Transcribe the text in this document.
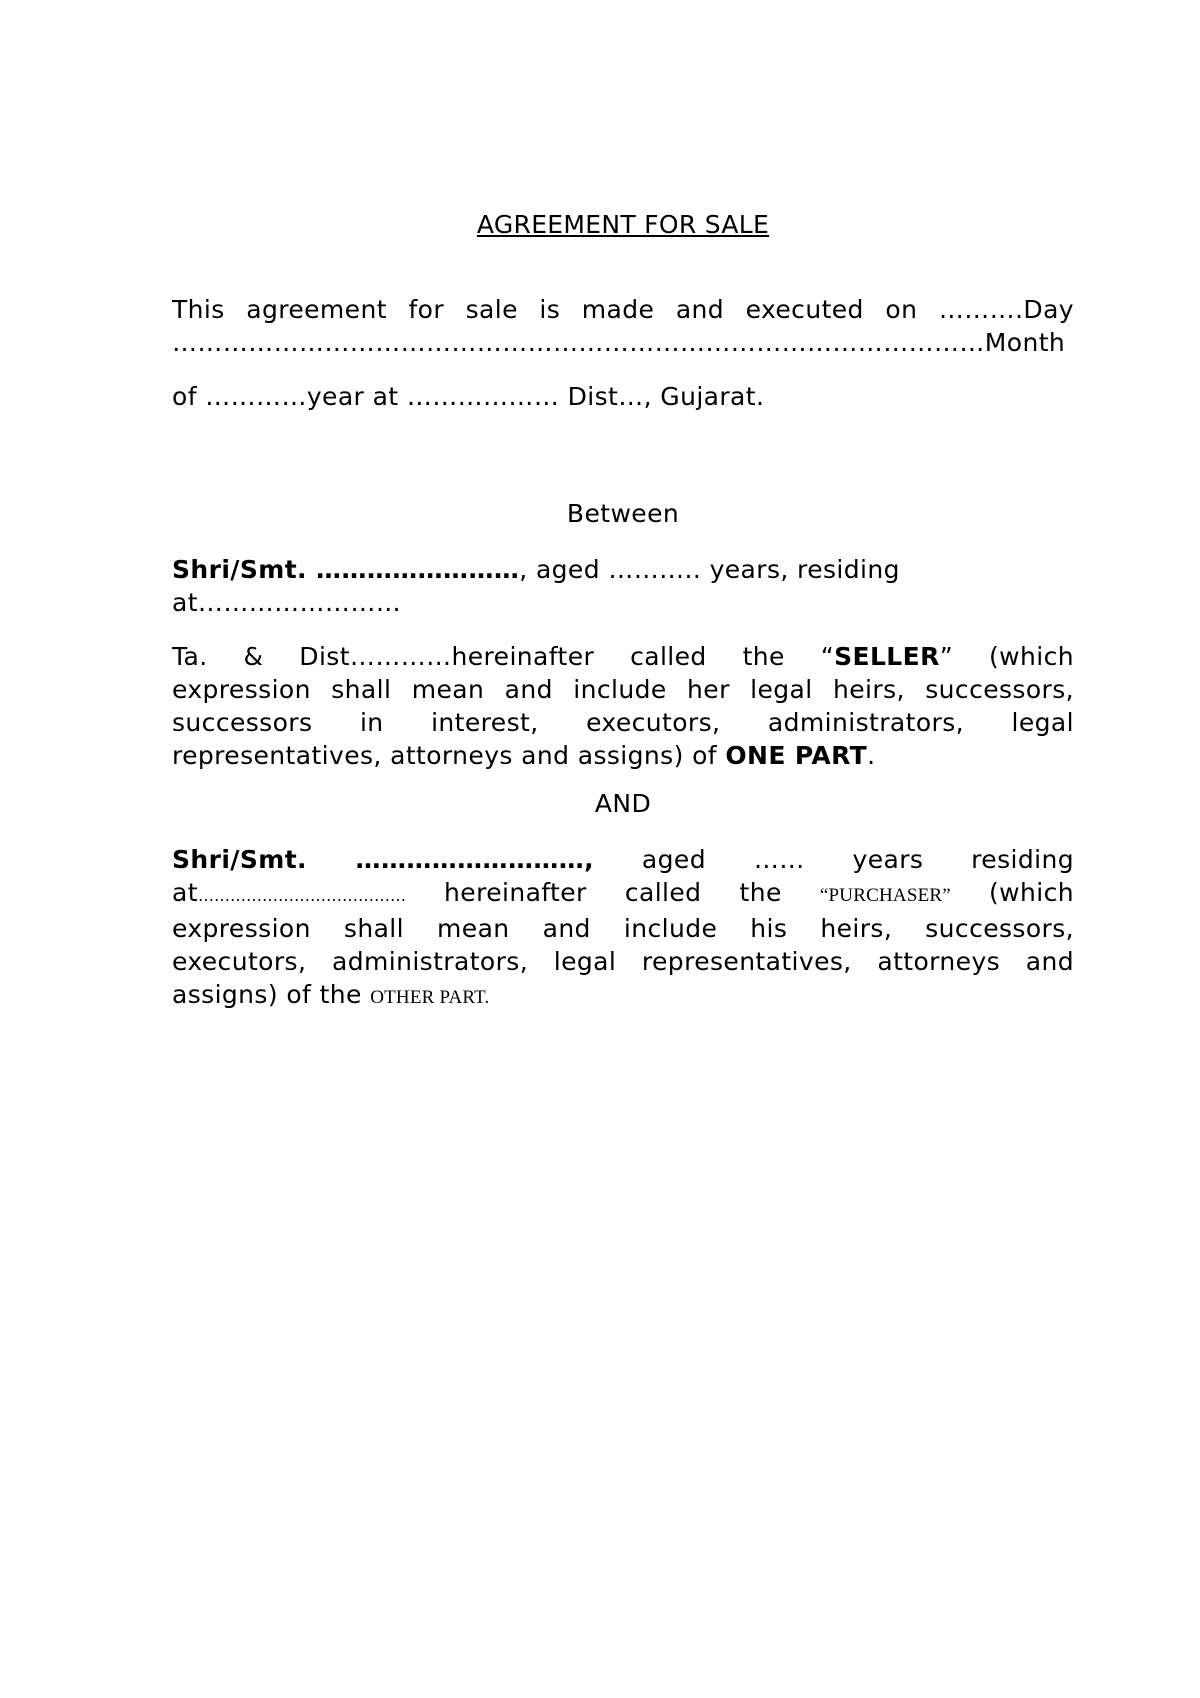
AGREEMENT FOR SALE
This agreement for sale is made and executed on ……….Day
……………………………………………………………………………………Month
of …………year at ……………… Dist…, Gujarat.
Between
Shri/Smt. ……………………, aged ……….. years, residing
at……………………
Ta. & Dist…………hereinafter called the “SELLER” (which
expression shall mean and include her legal heirs, successors,
successors in interest, executors, administrators, legal
representatives, attorneys and assigns) of ONE PART.
AND
Shri/Smt. ………………………, aged …… years residing
at………………………………… hereinafter called the “PURCHASER” (which
expression shall mean and include his heirs, successors,
executors, administrators, legal representatives, attorneys and
assigns) of the OTHER PART.
